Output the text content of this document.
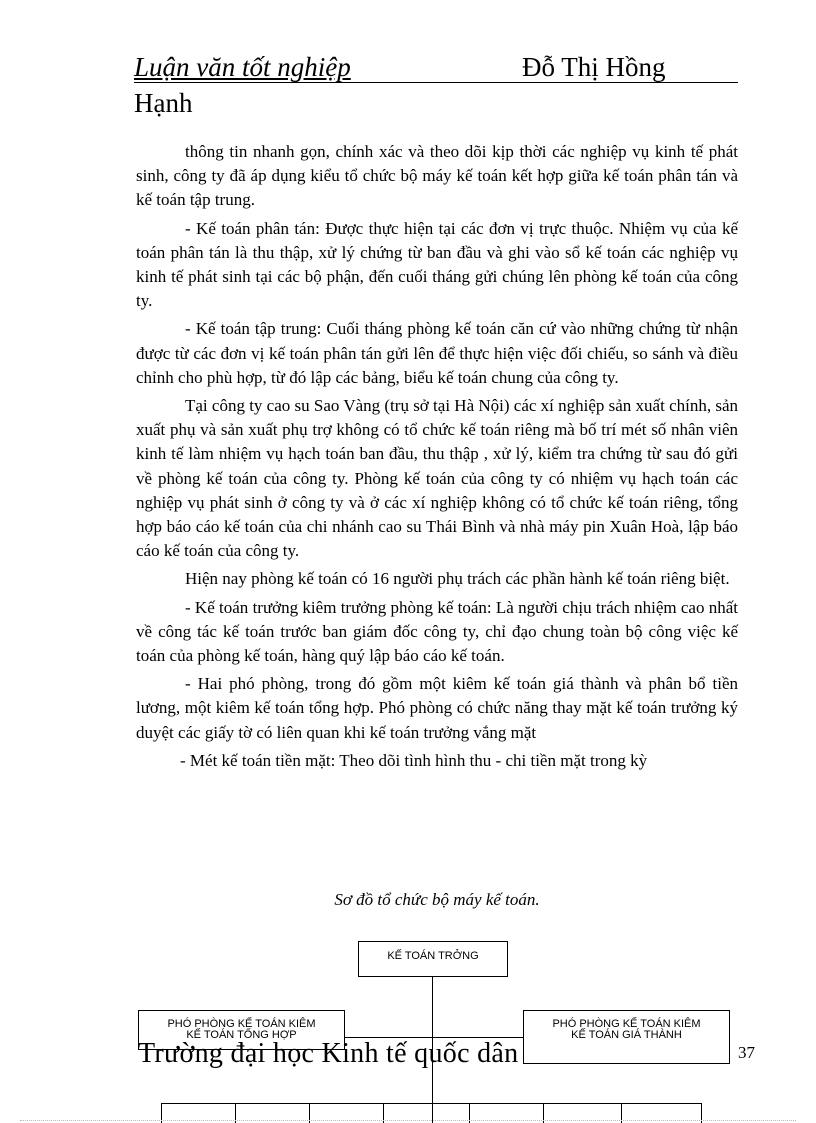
Luận văn tốt nghiệp	Đỗ Thị Hồng
Hạnh

thông tin nhanh gọn, chính xác và theo dõi kịp thời các nghiệp vụ kinh tế phát sinh, công ty đã áp dụng kiểu tổ chức bộ máy kế toán kết hợp giữa kế toán phân tán và kế toán tập trung.

- Kế toán phân tán: Được thực hiện tại các đơn vị trực thuộc. Nhiệm vụ của kế toán phân tán là thu thập, xử lý chứng từ ban đầu và ghi vào sổ kế toán các nghiệp vụ kinh tế phát sinh tại các bộ phận, đến cuối tháng gửi chúng lên phòng kế toán của công ty.

- Kế toán tập trung: Cuối tháng phòng kế toán căn cứ vào những chứng từ nhận được từ các đơn vị kế toán phân tán gửi lên để thực hiện việc đối chiếu, so sánh và điều chỉnh cho phù hợp, từ đó lập các bảng, biểu kế toán chung của công ty.

Tại công ty cao su Sao Vàng (trụ sở tại Hà Nội) các xí nghiệp sản xuất chính, sản xuất phụ và sản xuất phụ trợ không có tổ chức kế toán riêng mà bố trí mét số nhân viên kinh tế làm nhiệm vụ hạch toán ban đầu, thu thập , xử lý, kiểm tra chứng từ sau đó gửi về phòng kế toán của công ty. Phòng kế toán của công ty có nhiệm vụ hạch toán các nghiệp vụ phát sinh ở công ty và ở các xí nghiệp không có tổ chức kế toán riêng, tổng hợp báo cáo kế toán của chi nhánh cao su Thái Bình và nhà máy pin Xuân Hoà, lập báo cáo kế toán của công ty.

Hiện nay phòng kế toán có 16 người phụ trách các phần hành kế toán riêng biệt.

- Kế toán trưởng kiêm trưởng phòng kế toán: Là người chịu trách nhiệm cao nhất về công tác kế toán trước ban giám đốc công ty, chỉ đạo chung toàn bộ công việc kế toán của phòng kế toán, hàng quý lập báo cáo kế toán.

- Hai phó phòng, trong đó gồm một kiêm kế toán giá thành và phân bổ tiền lương, một kiêm kế toán tổng hợp. Phó phòng có chức năng thay mặt kế toán trưởng ký duyệt các giấy tờ có liên quan khi kế toán trưởng vắng mặt

- Mét kế toán tiền mặt: Theo dõi tình hình thu - chi tiền mặt trong kỳ

Sơ đồ tổ chức bộ máy kế toán.
KẾ TOÁN TRỞNG
PHÓ PHÒNG KẾ TOÁN KIÊM
KẾ TOÁN TỔNG HỢP
PHÓ PHÒNG KẾ TOÁN KIÊM
KẾ TOÁN GIÁ THÀNH
Trường đại học Kinh tế quốc dân	37
